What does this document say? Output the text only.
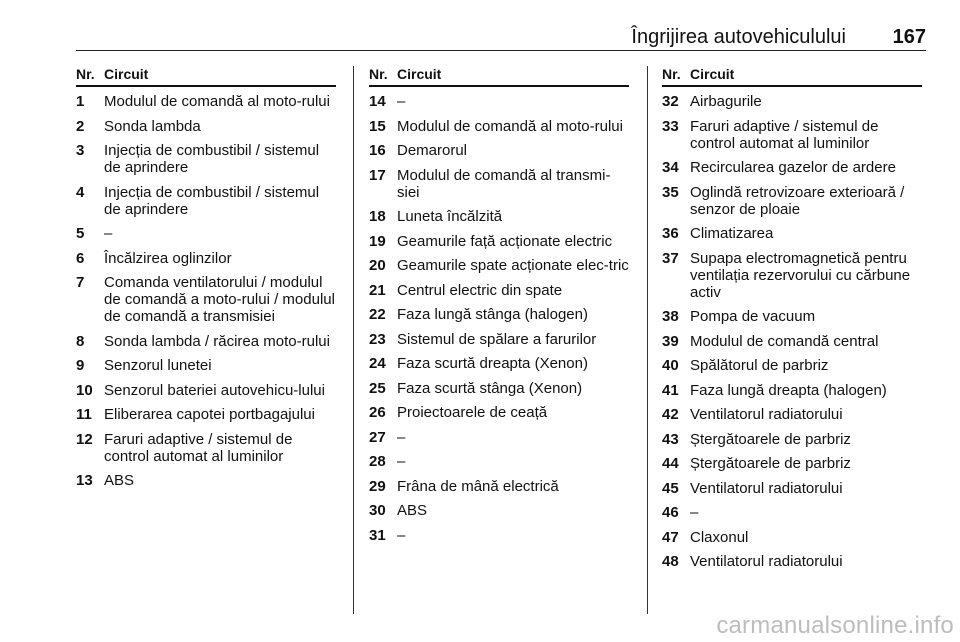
Îngrijirea autovehiculului 167
Nr. Circuit
1	Modulul de comandă al moto-rului
2	Sonda lambda
3	Injecția de combustibil / sistemul de aprindere
4	Injecția de combustibil / sistemul de aprindere
5	–
6	Încălzirea oglinzilor
7	Comanda ventilatorului / modulul de comandă a moto-rului / modulul de comandă a transmisiei
8	Sonda lambda / răcirea moto-rului
9	Senzorul lunetei
10 Senzorul bateriei autovehicu-lului
11 Eliberarea capotei portbagajului
12 Faruri adaptive / sistemul de control automat al luminilor
13 ABS
Nr. Circuit
14 –
15 Modulul de comandă al moto-rului
16 Demarorul
17 Modulul de comandă al transmi-siei
18 Luneta încălzită
19 Geamurile față acționate electric
20 Geamurile spate acționate elec-tric
21 Centrul electric din spate
22 Faza lungă stânga (halogen)
23 Sistemul de spălare a farurilor
24 Faza scurtă dreapta (Xenon)
25 Faza scurtă stânga (Xenon)
26 Proiectoarele de ceață
27 –
28 –
29 Frâna de mână electrică
30 ABS
31 –
Nr. Circuit
32 Airbagurile
33 Faruri adaptive / sistemul de control automat al luminilor
34 Recircularea gazelor de ardere
35 Oglindă retrovizoare exterioară / senzor de ploaie
36 Climatizarea
37 Supapa electromagnetică pentru ventilația rezervorului cu cărbune activ
38 Pompa de vacuum
39 Modulul de comandă central
40 Spălătorul de parbriz
41 Faza lungă dreapta (halogen)
42 Ventilatorul radiatorului
43 Ștergătoarele de parbriz
44 Ștergătoarele de parbriz
45 Ventilatorul radiatorului
46 –
47 Claxonul
48 Ventilatorul radiatorului
carmanualsonline.info
